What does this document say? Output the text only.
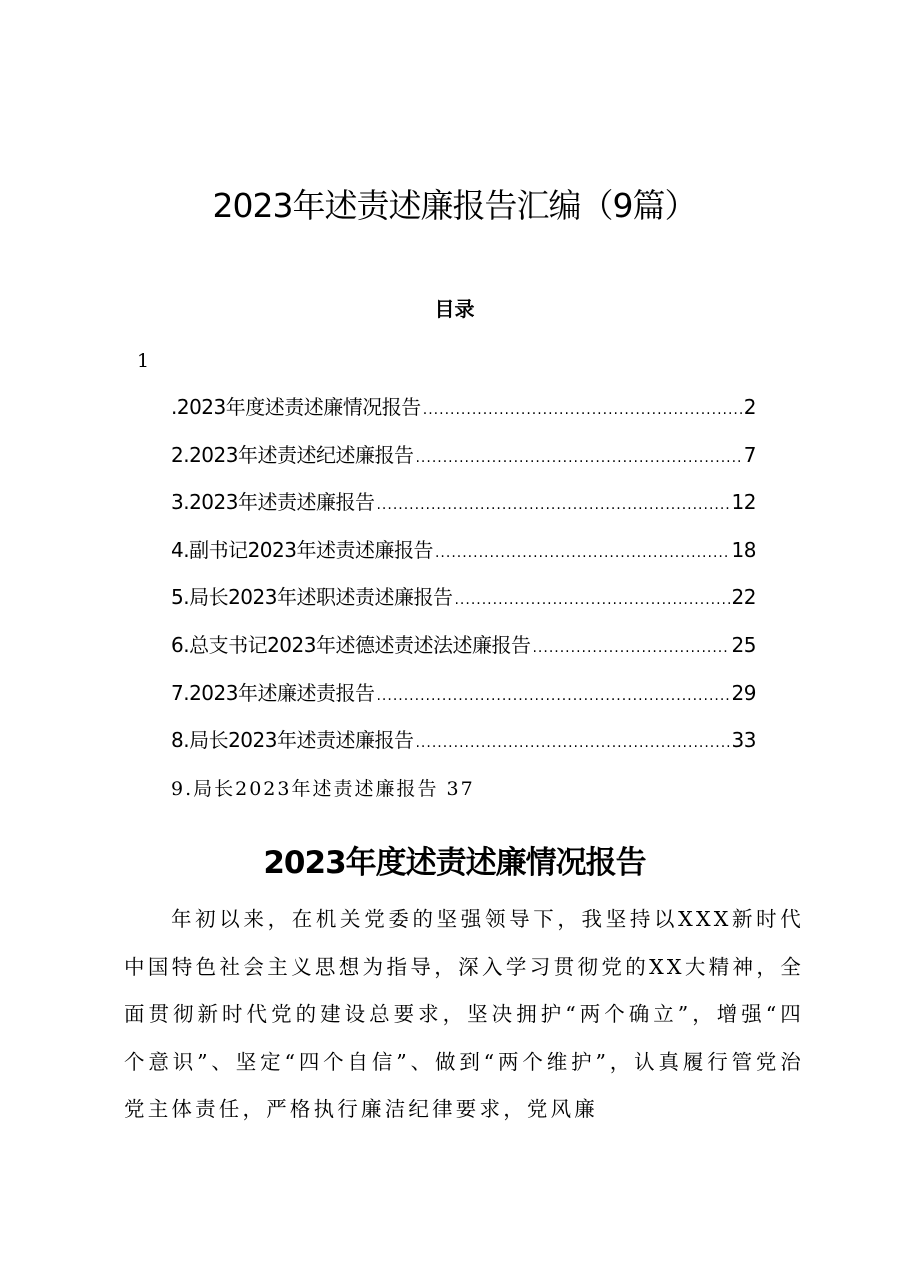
2023年述责述廉报告汇编（9篇）
目录
1
.2023年度述责述廉情况报告 .....	2
2.2023年述责述纪述廉报告 .....	7
3.2023年述责述廉报告 .....	12
4.副书记2023年述责述廉报告 .....	18
5.局长2023年述职述责述廉报告 .....	22
6.总支书记2023年述德述责述法述廉报告 .....	25
7.2023年述廉述责报告 .....	29
8.局长2023年述责述廉报告 .....	33
9.局长2023年述责述廉报告 37
2023年度述责述廉情况报告

年初以来，在机关党委的坚强领导下，我坚持以XXX新时代中国特色社会主义思想为指导，深入学习贯彻党的XX大精神，全面贯彻新时代党的建设总要求，坚决拥护“两个确立”，增强“四个意识”、坚定“四个自信”、做到“两个维护”，认真履行管党治党主体责任，严格执行廉洁纪律要求，党风廉
